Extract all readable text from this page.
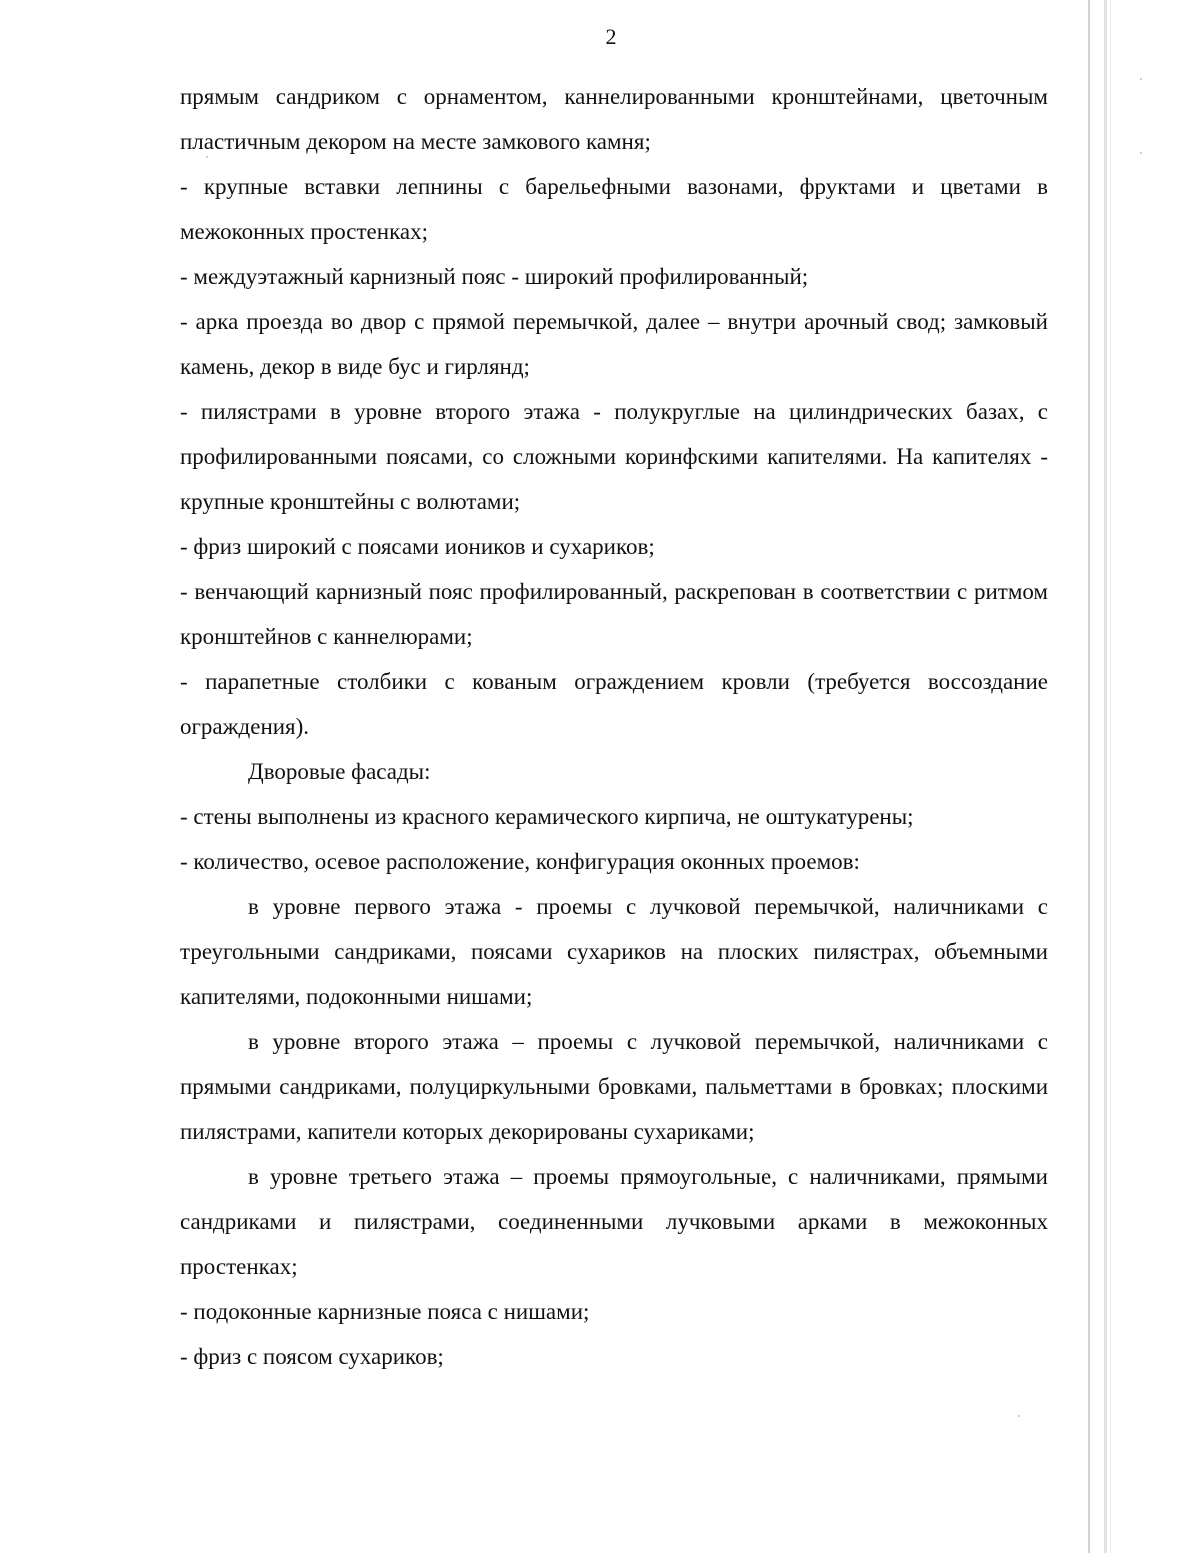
2

прямым сандриком с орнаментом, каннелированными кронштейнами, цветочным пластичным декором на месте замкового камня;

- крупные вставки лепнины с барельефными вазонами, фруктами и цветами в межоконных простенках;

- междуэтажный карнизный пояс - широкий профилированный;

- арка проезда во двор с прямой перемычкой, далее – внутри арочный свод; замковый камень, декор в виде бус и гирлянд;

- пилястрами в уровне второго этажа - полукруглые на цилиндрических базах, с профилированными поясами, со сложными коринфскими капителями. На капителях - крупные кронштейны с волютами;

- фриз широкий с поясами иоников и сухариков;

- венчающий карнизный пояс профилированный, раскрепован в соответствии с ритмом кронштейнов с каннелюрами;

- парапетные столбики с кованым ограждением кровли (требуется воссоздание ограждения).

Дворовые фасады:

- стены выполнены из красного керамического кирпича, не оштукатурены;

- количество, осевое расположение, конфигурация оконных проемов:

в уровне первого этажа - проемы с лучковой перемычкой, наличниками с треугольными сандриками, поясами сухариков на плоских пилястрах, объемными капителями, подоконными нишами;

в уровне второго этажа – проемы с лучковой перемычкой, наличниками с прямыми сандриками, полуциркульными бровками, пальметтами в бровках; плоскими пилястрами, капители которых декорированы сухариками;

в уровне третьего этажа – проемы прямоугольные, с наличниками, прямыми сандриками и пилястрами, соединенными лучковыми арками в межоконных простенках;

- подоконные карнизные пояса с нишами;

- фриз с поясом сухариков;
